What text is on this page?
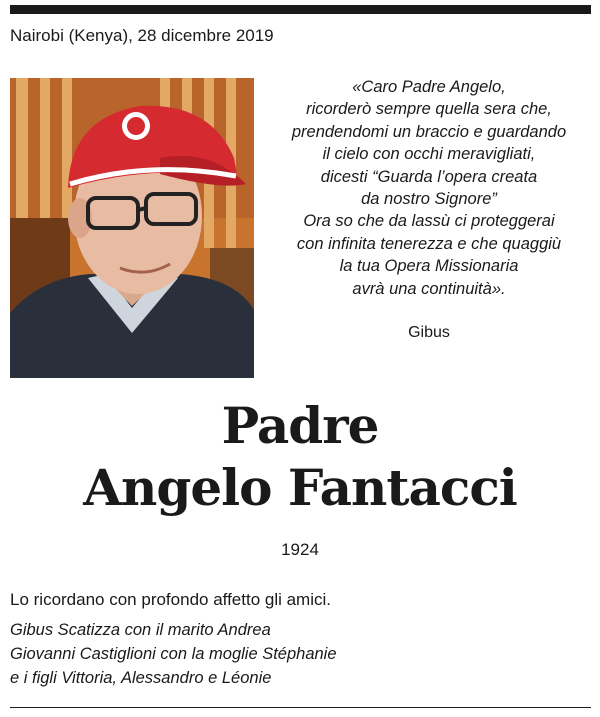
Nairobi (Kenya), 28 dicembre 2019
«Caro Padre Angelo,
ricorderò sempre quella sera che,
prendendomi un braccio e guardando
il cielo con occhi meravigliati,
dicesti “Guarda l’opera creata
da nostro Signore”
Ora so che da lassù ci proteggerai
con infinita tenerezza e che quaggiù
la tua Opera Missionaria
avrà una continuità».
Gibus
Padre
Angelo Fantacci
1924
Lo ricordano con profondo affetto gli amici.
Gibus Scatizza con il marito Andrea
Giovanni Castiglioni con la moglie Stéphanie
e i figli Vittoria, Alessandro e Léonie
